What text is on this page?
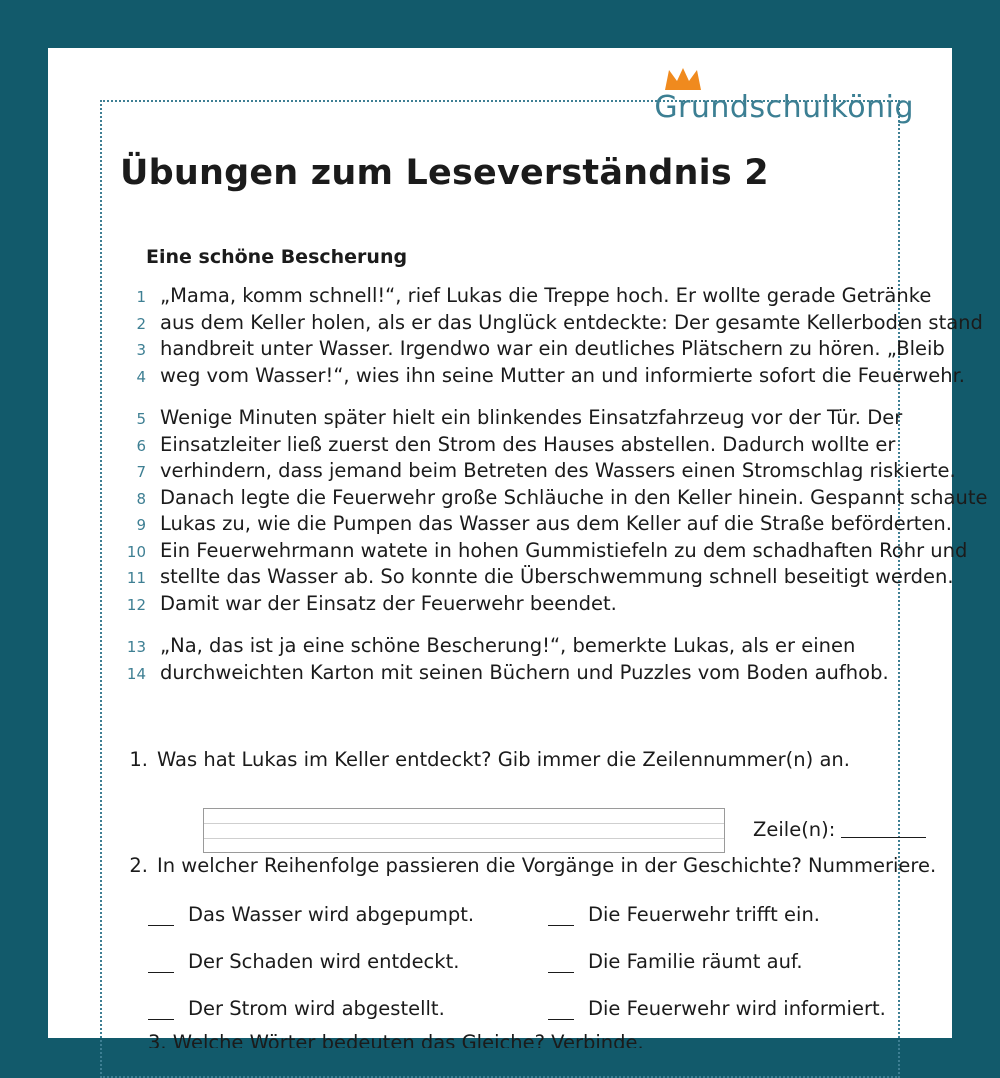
Grundschulkönig
Übungen zum Leseverständnis 2
Eine schöne Bescherung
1 „Mama, komm schnell!“, rief Lukas die Treppe hoch. Er wollte gerade Getränke
2 aus dem Keller holen, als er das Unglück entdeckte: Der gesamte Kellerboden stand
3 handbreit unter Wasser. Irgendwo war ein deutliches Plätschern zu hören. „Bleib
4 weg vom Wasser!“, wies ihn seine Mutter an und informierte sofort die Feuerwehr.
5 Wenige Minuten später hielt ein blinkendes Einsatzfahrzeug vor der Tür. Der
6 Einsatzleiter ließ zuerst den Strom des Hauses abstellen. Dadurch wollte er
7 verhindern, dass jemand beim Betreten des Wassers einen Stromschlag riskierte.
8 Danach legte die Feuerwehr große Schläuche in den Keller hinein. Gespannt schaute
9 Lukas zu, wie die Pumpen das Wasser aus dem Keller auf die Straße beförderten.
10 Ein Feuerwehrmann watete in hohen Gummistiefeln zu dem schadhaften Rohr und
11 stellte das Wasser ab. So konnte die Überschwemmung schnell beseitigt werden.
12 Damit war der Einsatz der Feuerwehr beendet.
13 „Na, das ist ja eine schöne Bescherung!“, bemerkte Lukas, als er einen
14 durchweichten Karton mit seinen Büchern und Puzzles vom Boden aufhob.
1. Was hat Lukas im Keller entdeckt? Gib immer die Zeilennummer(n) an.
Zeile(n):
2. In welcher Reihenfolge passieren die Vorgänge in der Geschichte? Nummeriere.
Das Wasser wird abgepumpt.	Die Feuerwehr trifft ein.
Der Schaden wird entdeckt.	Die Familie räumt auf.
Der Strom wird abgestellt.	Die Feuerwehr wird informiert.
3. Welche Wörter bedeuten das Gleiche? Verbinde.
